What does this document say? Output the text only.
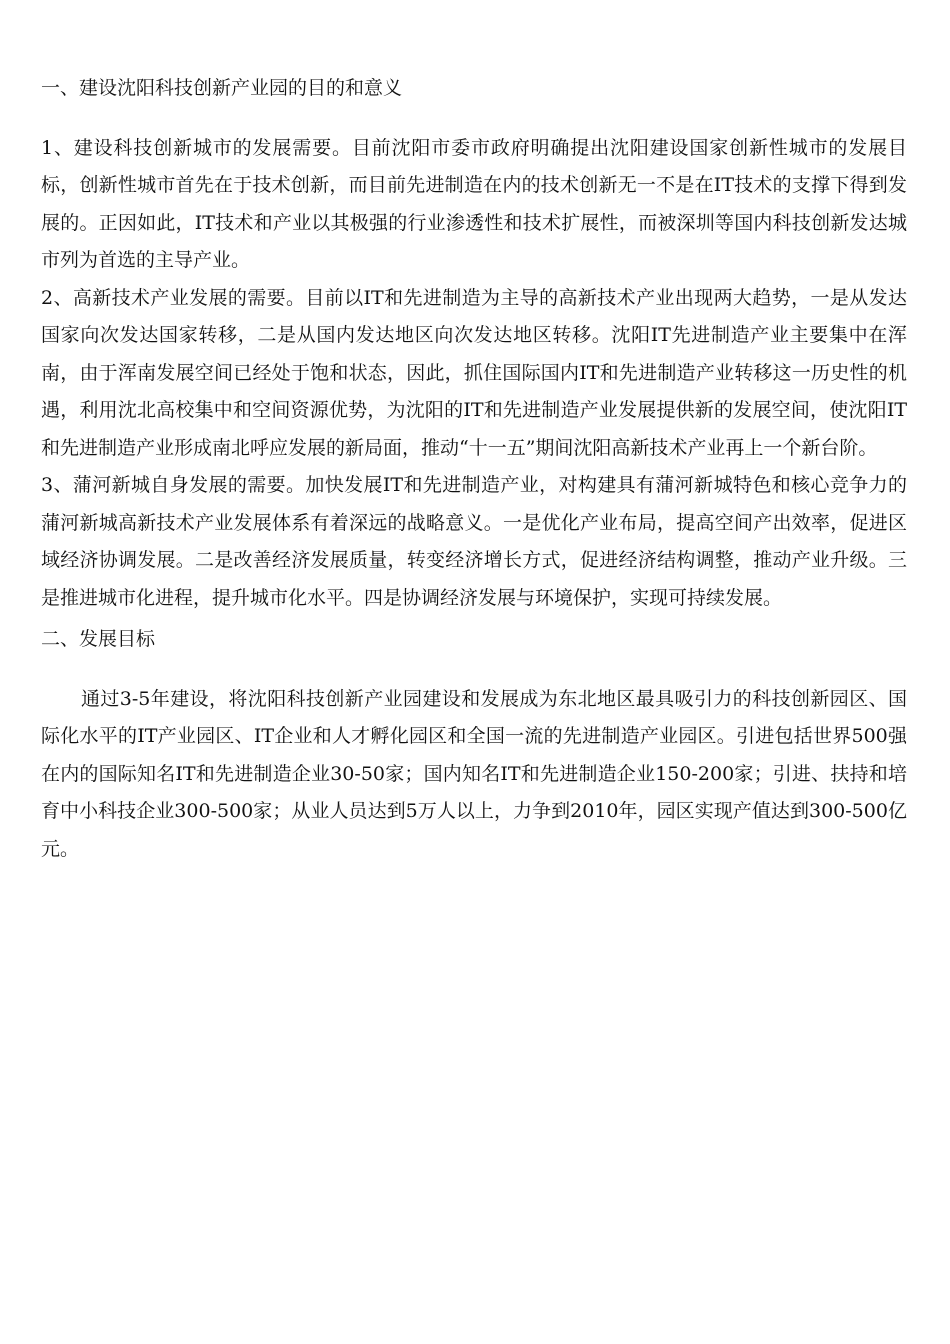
一、建设沈阳科技创新产业园的目的和意义

1、建设科技创新城市的发展需要。目前沈阳市委市政府明确提出沈阳建设国家创新性城市的发展目标，创新性城市首先在于技术创新，而目前先进制造在内的技术创新无一不是在IT技术的支撑下得到发展的。正因如此，IT技术和产业以其极强的行业渗透性和技术扩展性，而被深圳等国内科技创新发达城市列为首选的主导产业。

2、高新技术产业发展的需要。目前以IT和先进制造为主导的高新技术产业出现两大趋势，一是从发达国家向次发达国家转移，二是从国内发达地区向次发达地区转移。沈阳IT先进制造产业主要集中在浑南，由于浑南发展空间已经处于饱和状态，因此，抓住国际国内IT和先进制造产业转移这一历史性的机遇，利用沈北高校集中和空间资源优势，为沈阳的IT和先进制造产业发展提供新的发展空间，使沈阳IT和先进制造产业形成南北呼应发展的新局面，推动“十一五”期间沈阳高新技术产业再上一个新台阶。

3、蒲河新城自身发展的需要。加快发展IT和先进制造产业，对构建具有蒲河新城特色和核心竞争力的蒲河新城高新技术产业发展体系有着深远的战略意义。一是优化产业布局，提高空间产出效率，促进区域经济协调发展。二是改善经济发展质量，转变经济增长方式，促进经济结构调整，推动产业升级。三是推进城市化进程，提升城市化水平。四是协调经济发展与环境保护，实现可持续发展。

二、发展目标

通过3-5年建设，将沈阳科技创新产业园建设和发展成为东北地区最具吸引力的科技创新园区、国际化水平的IT产业园区、IT企业和人才孵化园区和全国一流的先进制造产业园区。引进包括世界500强在内的国际知名IT和先进制造企业30-50家；国内知名IT和先进制造企业150-200家；引进、扶持和培育中小科技企业300-500家；从业人员达到5万人以上，力争到2010年，园区实现产值达到300-500亿元。
